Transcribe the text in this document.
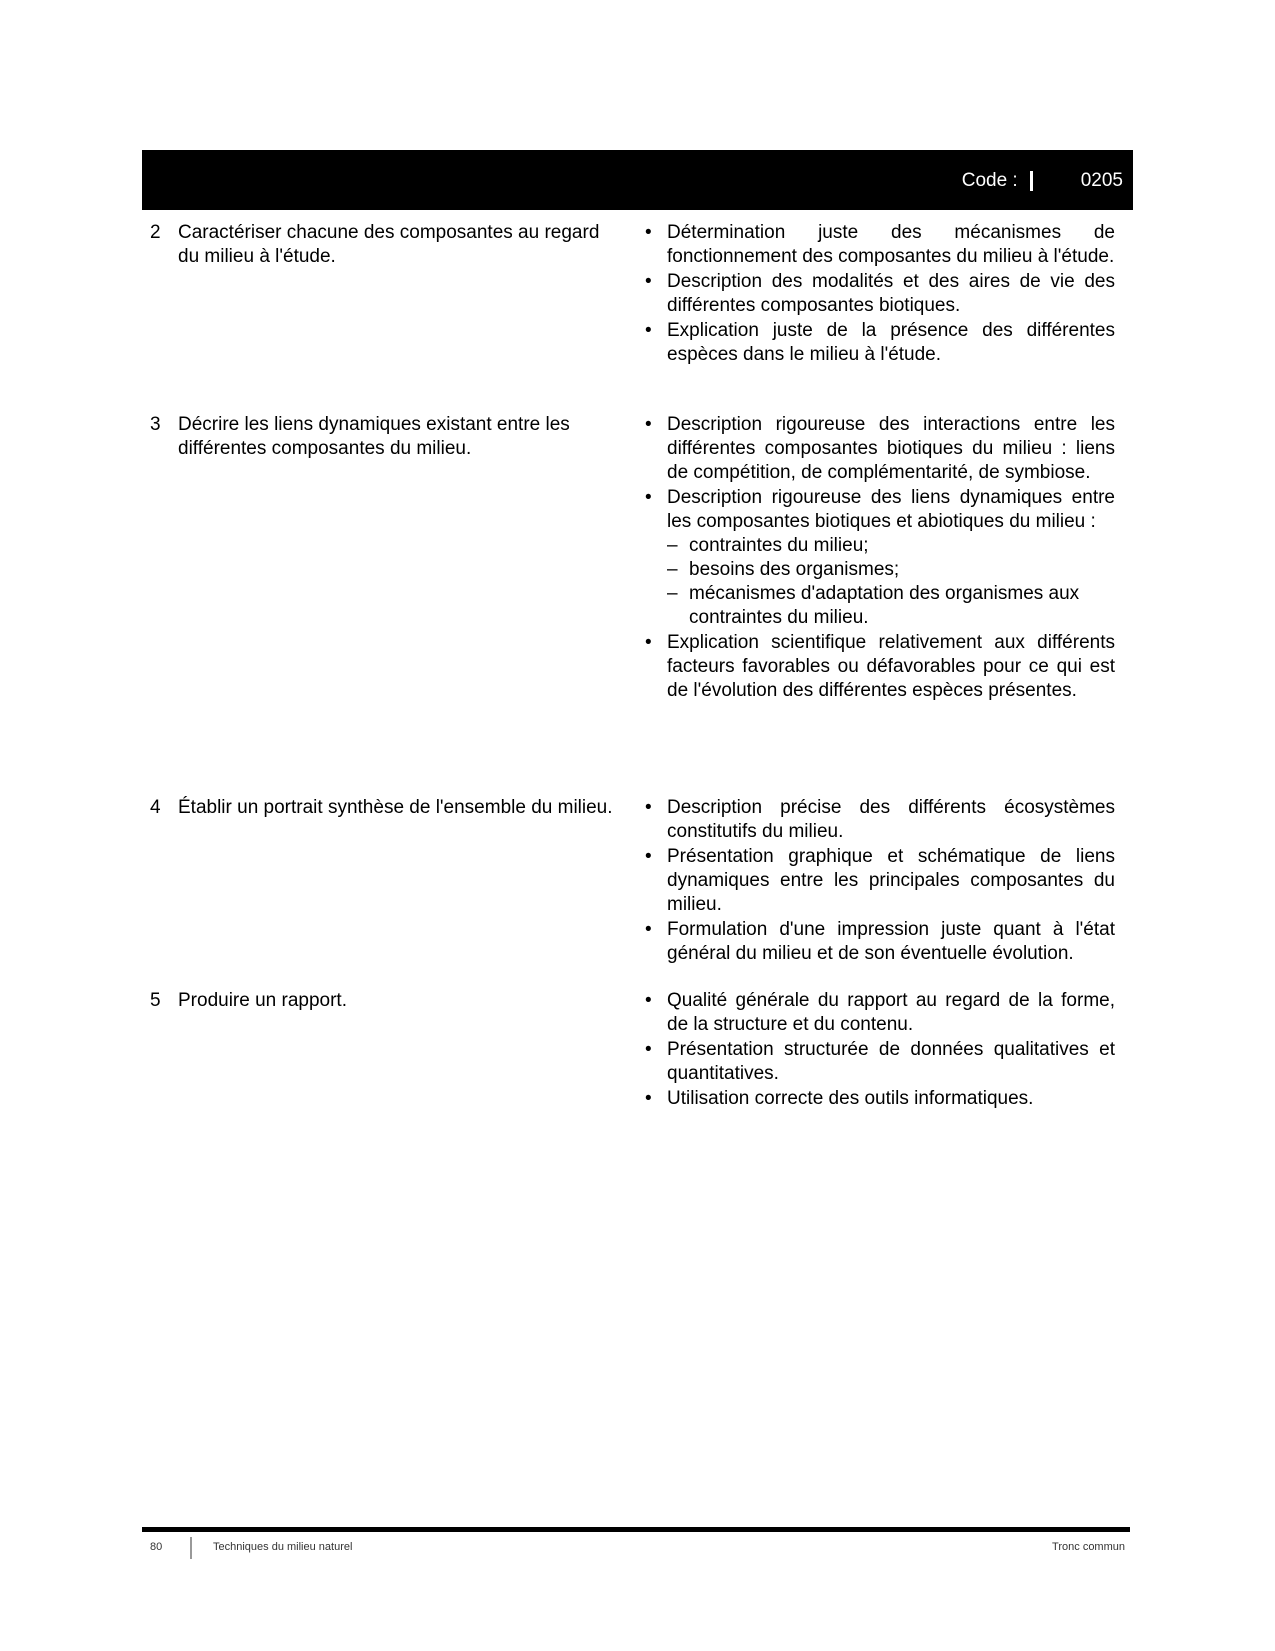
Code :	0205
2 Caractériser chacune des composantes au regard du milieu à l'étude.
• Détermination juste des mécanismes de fonctionnement des composantes du milieu à l'étude.
• Description des modalités et des aires de vie des différentes composantes biotiques.
• Explication juste de la présence des différentes espèces dans le milieu à l'étude.
3 Décrire les liens dynamiques existant entre les différentes composantes du milieu.
• Description rigoureuse des interactions entre les différentes composantes biotiques du milieu : liens de compétition, de complémentarité, de symbiose.
• Description rigoureuse des liens dynamiques entre les composantes biotiques et abiotiques du milieu :
– contraintes du milieu;
– besoins des organismes;
– mécanismes d'adaptation des organismes aux contraintes du milieu.
• Explication scientifique relativement aux différents facteurs favorables ou défavorables pour ce qui est de l'évolution des différentes espèces présentes.
4 Établir un portrait synthèse de l'ensemble du milieu. • Description précise des différents écosystèmes constitutifs du milieu.
• Présentation graphique et schématique de liens dynamiques entre les principales composantes du milieu.
• Formulation d'une impression juste quant à l'état général du milieu et de son éventuelle évolution.
5 Produire un rapport.	• Qualité générale du rapport au regard de la forme, de la structure et du contenu.
• Présentation structurée de données qualitatives et quantitatives.
• Utilisation correcte des outils informatiques.
80	Techniques du milieu naturel	Tronc commun
